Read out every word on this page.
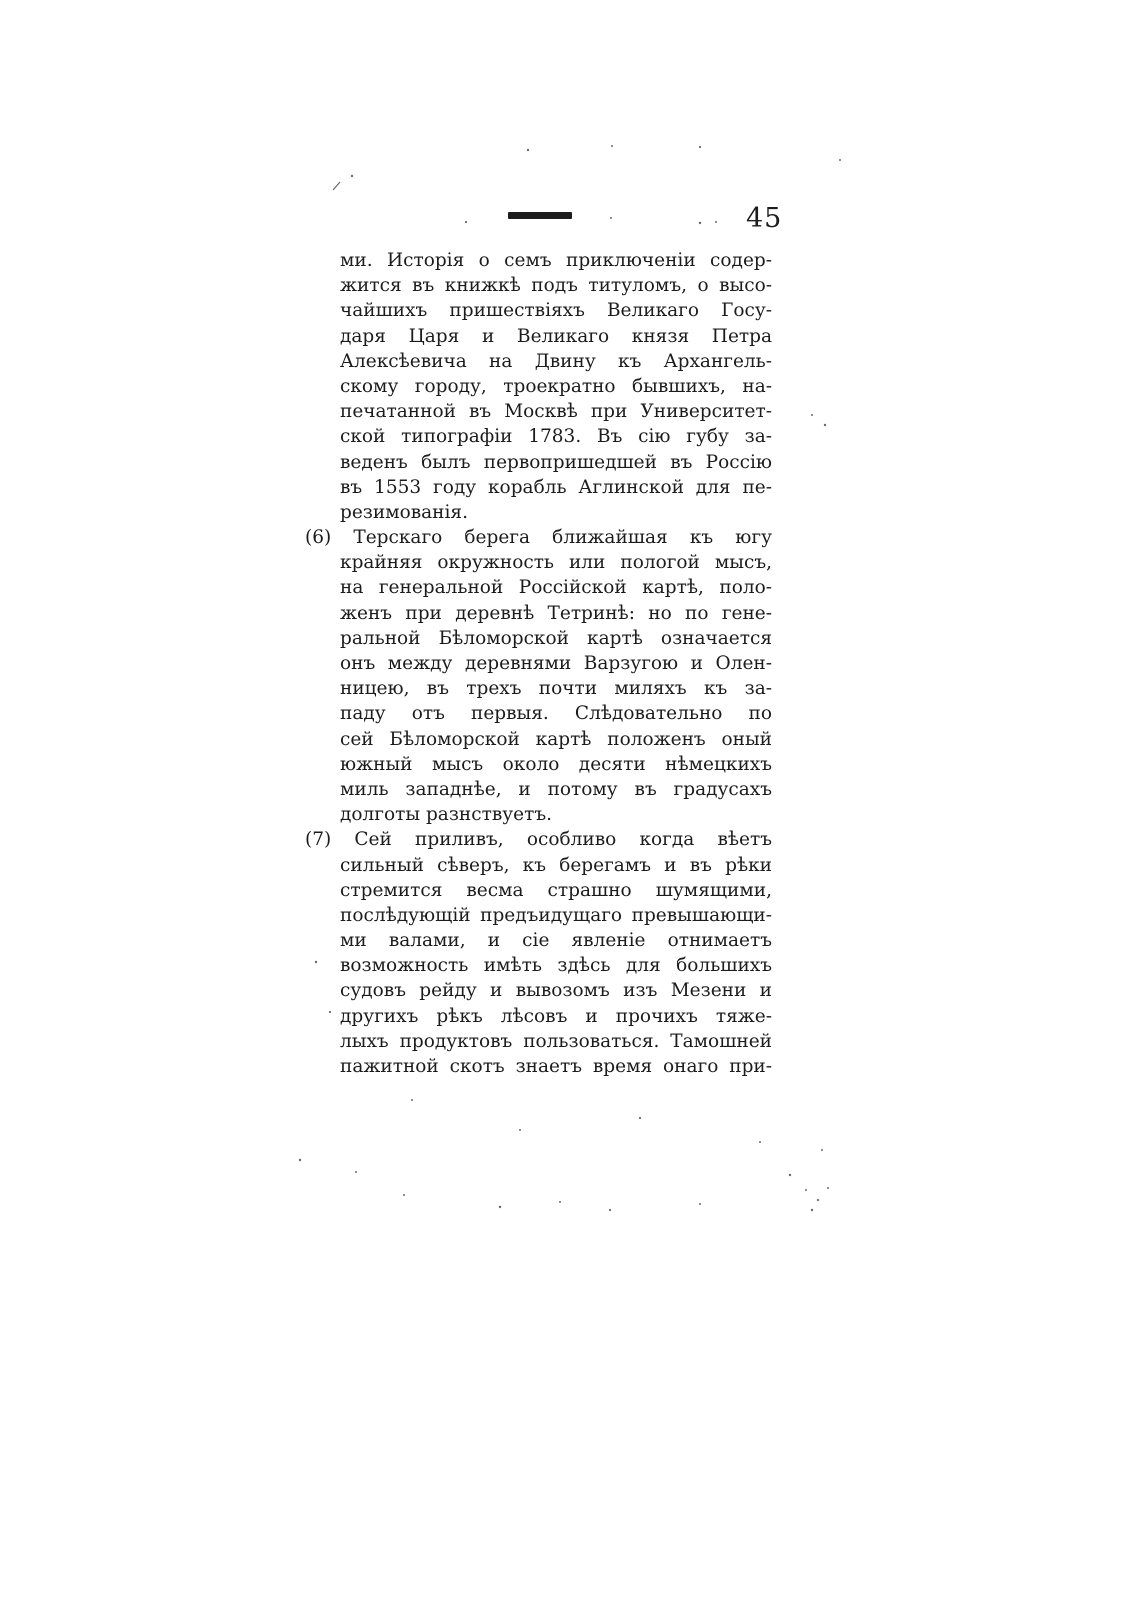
45
ми. Исторія о семъ приключеніи содер-
жится въ книжкѣ подъ титуломъ, о высо-
чайшихъ пришествіяхъ Великаго Госу-
даря Царя и Великаго князя Петра
Алексѣевича на Двину къ Архангель-
скому городу, троекратно бывшихъ, на-
печатанной въ Москвѣ при Университет-
ской типографіи 1783. Въ сію губу за-
веденъ былъ первопришедшей въ Россію
въ 1553 году корабль Аглинской для пе-
резимованія.
(6) Терскаго берега ближайшая къ югу
крайняя окружность или пологой мысъ,
на генеральной Россійской картѣ, поло-
женъ при деревнѣ Тетринѣ: но по гене-
ральной Бѣломорской картѣ означается
онъ между деревнями Варзугою и Олен-
ницею, въ трехъ почти миляхъ къ за-
паду отъ первыя. Слѣдовательно по
сей Бѣломорской картѣ положенъ оный
южный мысъ около десяти нѣмецкихъ
миль западнѣе, и потому въ градусахъ
долготы разнствуетъ.
(7) Сей приливъ, особливо когда вѣетъ
сильный сѣверъ, къ берегамъ и въ рѣки
стремится весма страшно шумящими,
послѣдующій предъидущаго превышающи-
ми валами, и сіе явленіе отнимаетъ
возможность имѣть здѣсь для большихъ
судовъ рейду и вывозомъ изъ Мезени и
другихъ рѣкъ лѣсовъ и прочихъ тяже-
лыхъ продуктовъ пользоваться. Тамошней
пажитной скотъ знаетъ время онаго при-
